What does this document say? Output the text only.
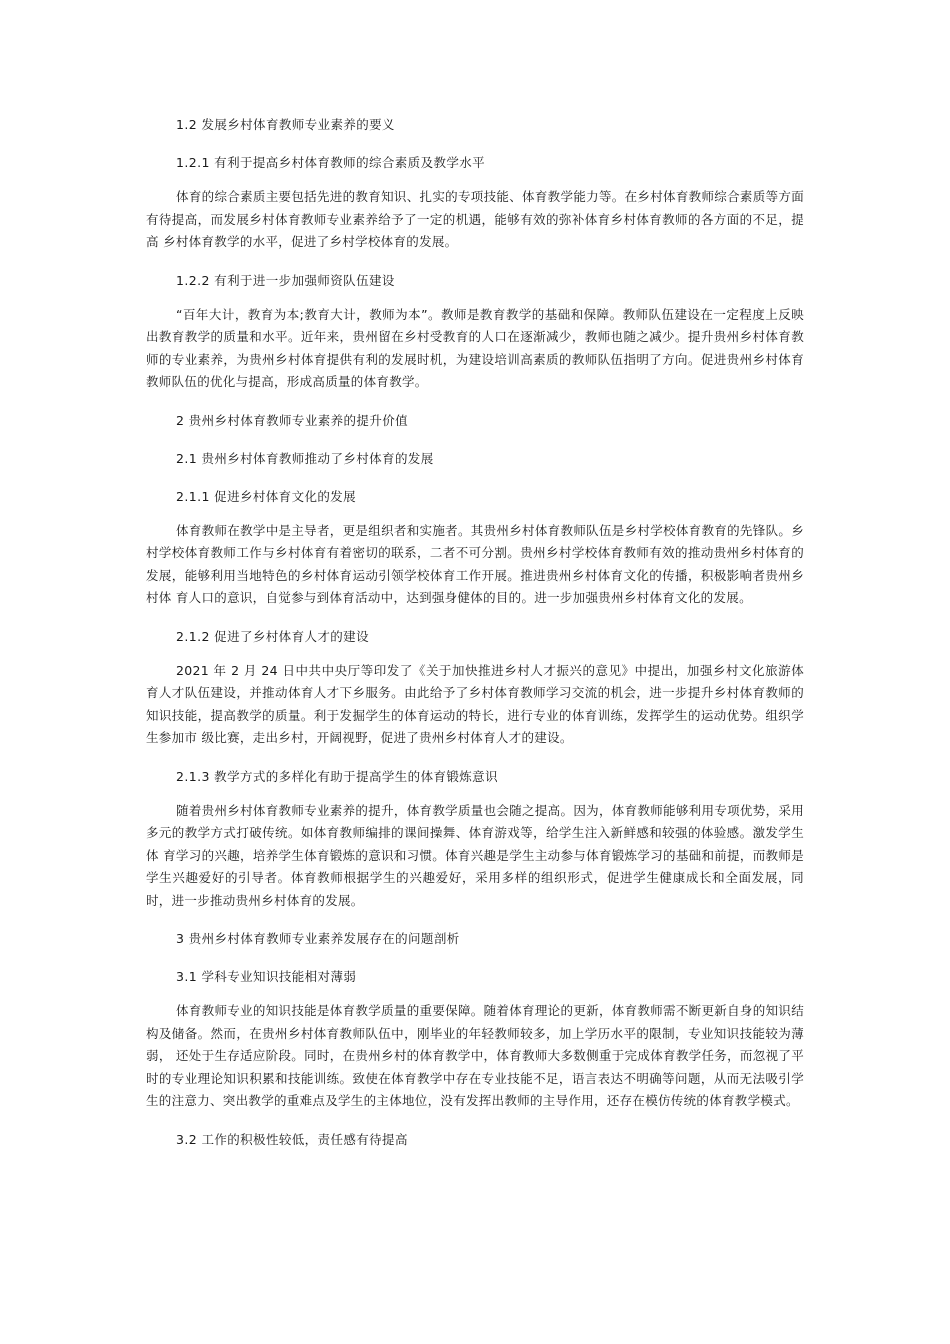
1.2 发展乡村体育教师专业素养的要义
1.2.1 有利于提高乡村体育教师的综合素质及教学水平
体育的综合素质主要包括先进的教育知识、扎实的专项技能、体育教学能力等。在乡村体育教师综合素质等方面有待提高，而发展乡村体育教师专业素养给予了一定的机遇，能够有效的弥补体育乡村体育教师的各方面的不足，提高 乡村体育教学的水平，促进了乡村学校体育的发展。
1.2.2 有利于进一步加强师资队伍建设
“百年大计，教育为本;教育大计，教师为本”。教师是教育教学的基础和保障。教师队伍建设在一定程度上反映出教育教学的质量和水平。近年来，贵州留在乡村受教育的人口在逐渐减少，教师也随之减少。提升贵州乡村体育教师的专业素养，为贵州乡村体育提供有利的发展时机，为建设培训高素质的教师队伍指明了方向。促进贵州乡村体育教师队伍的优化与提高，形成高质量的体育教学。
2 贵州乡村体育教师专业素养的提升价值
2.1 贵州乡村体育教师推动了乡村体育的发展
2.1.1 促进乡村体育文化的发展
体育教师在教学中是主导者，更是组织者和实施者。其贵州乡村体育教师队伍是乡村学校体育教育的先锋队。乡村学校体育教师工作与乡村体育有着密切的联系，二者不可分割。贵州乡村学校体育教师有效的推动贵州乡村体育的发展，能够利用当地特色的乡村体育运动引领学校体育工作开展。推进贵州乡村体育文化的传播，积极影响者贵州乡村体 育人口的意识，自觉参与到体育活动中，达到强身健体的目的。进一步加强贵州乡村体育文化的发展。
2.1.2 促进了乡村体育人才的建设
2021 年 2 月 24 日中共中央厅等印发了《关于加快推进乡村人才振兴的意见》中提出，加强乡村文化旅游体育人才队伍建设，并推动体育人才下乡服务。由此给予了乡村体育教师学习交流的机会，进一步提升乡村体育教师的知识技能，提高教学的质量。利于发掘学生的体育运动的特长，进行专业的体育训练，发挥学生的运动优势。组织学生参加市 级比赛，走出乡村，开阔视野，促进了贵州乡村体育人才的建设。
2.1.3 教学方式的多样化有助于提高学生的体育锻炼意识
随着贵州乡村体育教师专业素养的提升，体育教学质量也会随之提高。因为，体育教师能够利用专项优势，采用多元的教学方式打破传统。如体育教师编排的课间操舞、体育游戏等，给学生注入新鲜感和较强的体验感。激发学生体 育学习的兴趣，培养学生体育锻炼的意识和习惯。体育兴趣是学生主动参与体育锻炼学习的基础和前提，而教师是学生兴趣爱好的引导者。体育教师根据学生的兴趣爱好，采用多样的组织形式，促进学生健康成长和全面发展，同时，进一步推动贵州乡村体育的发展。
3 贵州乡村体育教师专业素养发展存在的问题剖析
3.1 学科专业知识技能相对薄弱
体育教师专业的知识技能是体育教学质量的重要保障。随着体育理论的更新，体育教师需不断更新自身的知识结构及储备。然而，在贵州乡村体育教师队伍中，刚毕业的年轻教师较多，加上学历水平的限制，专业知识技能较为薄弱， 还处于生存适应阶段。同时，在贵州乡村的体育教学中，体育教师大多数侧重于完成体育教学任务，而忽视了平时的专业理论知识积累和技能训练。致使在体育教学中存在专业技能不足，语言表达不明确等问题，从而无法吸引学生的注意力、突出教学的重难点及学生的主体地位，没有发挥出教师的主导作用，还存在模仿传统的体育教学模式。
3.2 工作的积极性较低，责任感有待提高
